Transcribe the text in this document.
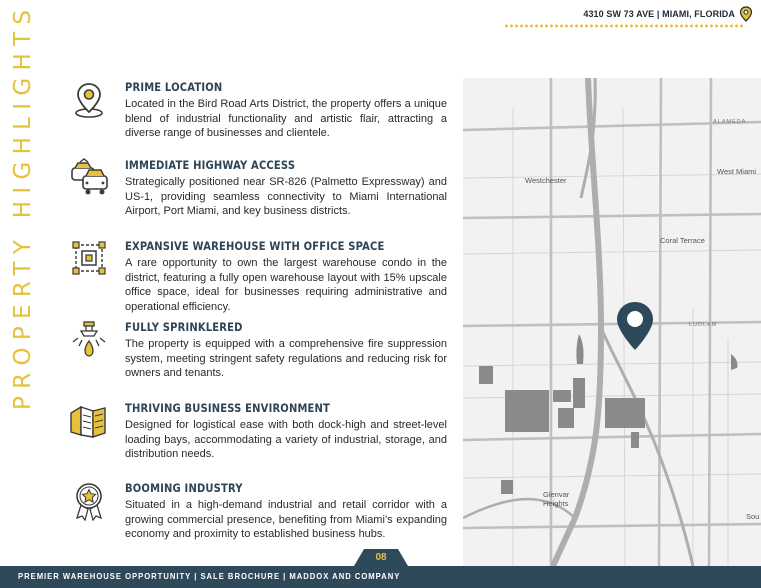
4310 SW 73 AVE | MIAMI, FLORIDA
PROPERTY HIGHLIGHTS	PRIME LOCATION
Located in the Bird Road Arts District, the property offers a unique blend of industrial functionality and artistic flair, attracting a diverse range of businesses and clientele.
IMMEDIATE HIGHWAY ACCESS
Strategically positioned near SR-826 (Palmetto Expressway) and US-1, providing seamless connectivity to Miami International Airport, Port Miami, and key business districts.
EXPANSIVE WAREHOUSE WITH OFFICE SPACE
A rare opportunity to own the largest warehouse condo in the district, featuring a fully open warehouse layout with 15% upscale office space, ideal for businesses requiring administrative and operational efficiency.
FULLY SPRINKLERED
The property is equipped with a comprehensive fire suppression system, meeting stringent safety regulations and reducing risk for owners and tenants.
THRIVING BUSINESS ENVIRONMENT
Designed for logistical ease with both dock-high and street-level loading bays, accommodating a variety of industrial, storage, and distribution needs.
BOOMING INDUSTRY
Situated in a high-demand industrial and retail corridor with a growing commercial presence, benefiting from Miami’s expanding economy and proximity to established business hubs.
ALAMEDA
Westchester
West Miami
Coral Terrace
LUDLAM
Glenvar
Heights
Sou
PREMIER WAREHOUSE OPPORTUNITY | SALE BROCHURE | MADDOX AND COMPANY
08
